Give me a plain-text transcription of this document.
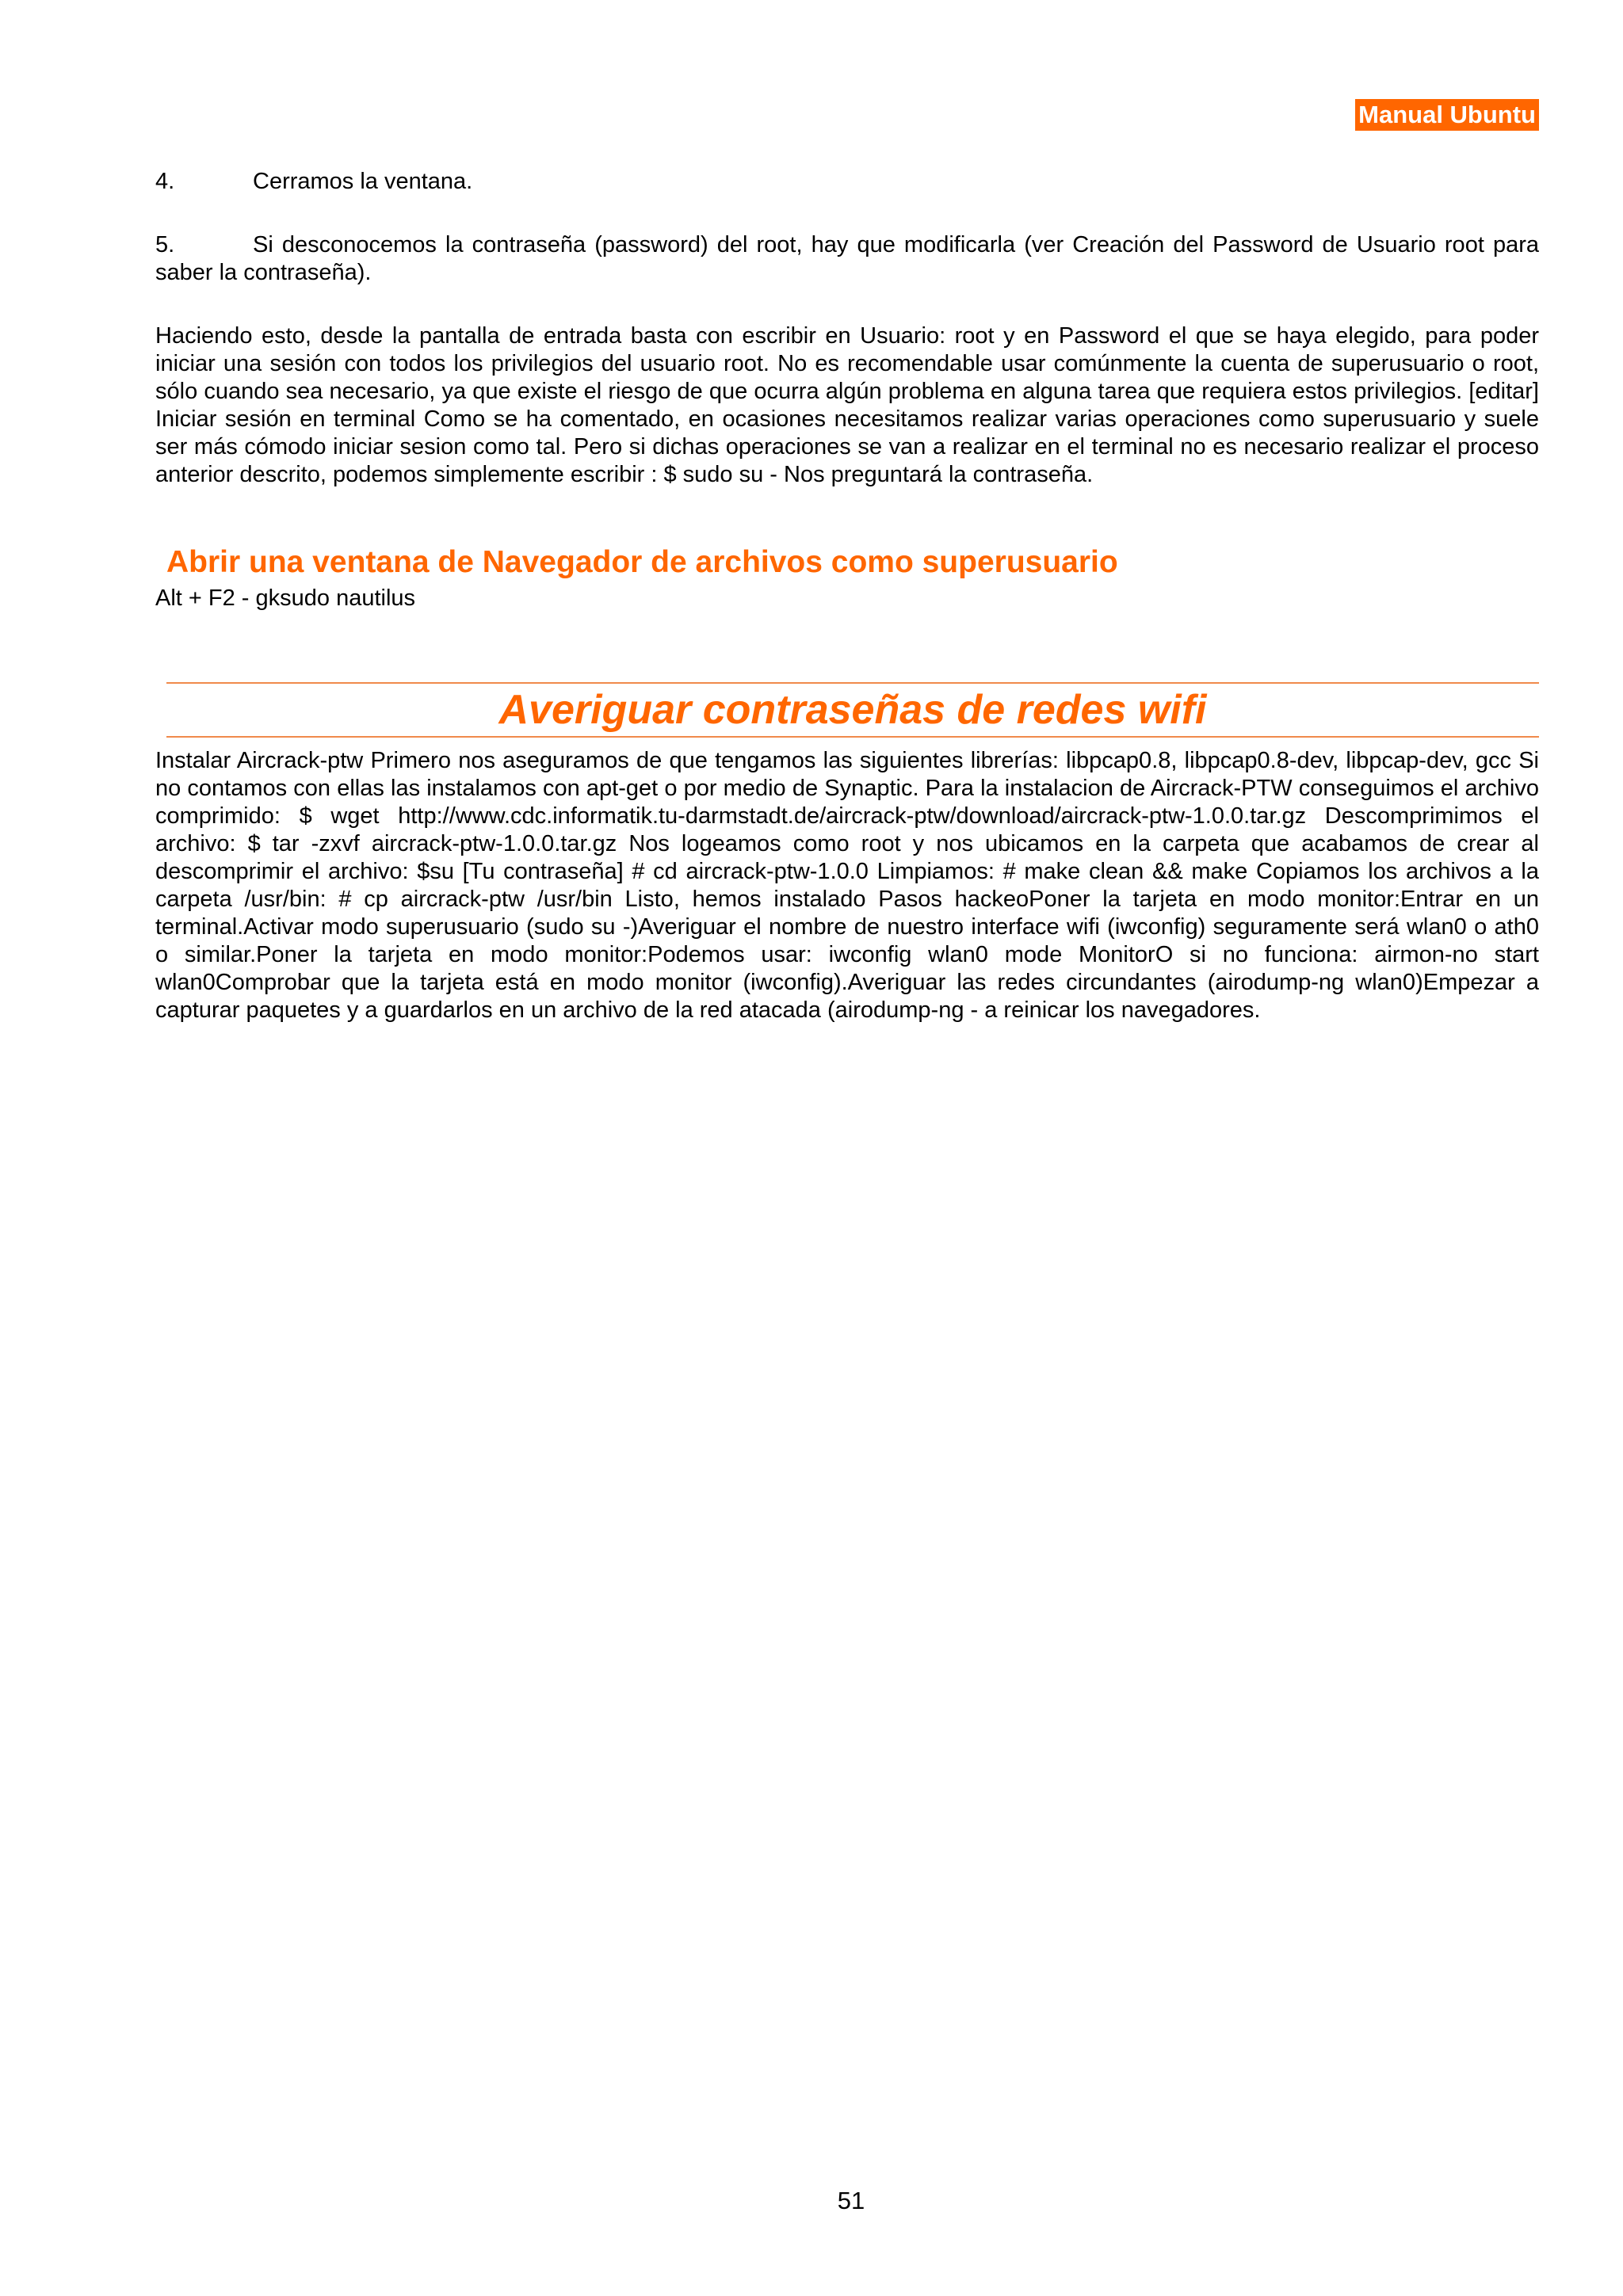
Manual Ubuntu
4.	Cerramos la ventana.

5.	Si desconocemos la contraseña (password) del root, hay que modificarla (ver Creación del Password de Usuario root para saber la contraseña).

Haciendo esto, desde la pantalla de entrada basta con escribir en Usuario: root y en Password el que se haya elegido, para poder iniciar una sesión con todos los privilegios del usuario root. No es recomendable usar comúnmente la cuenta de superusuario o root, sólo cuando sea necesario, ya que existe el riesgo de que ocurra algún problema en alguna tarea que requiera estos privilegios. [editar] Iniciar sesión en terminal Como se ha comentado, en ocasiones necesitamos realizar varias operaciones como superusuario y suele ser más cómodo iniciar sesion como tal. Pero si dichas operaciones se van a realizar en el terminal no es necesario realizar el proceso anterior descrito, podemos simplemente escribir : $ sudo su - Nos preguntará la contraseña.

Abrir una ventana de Navegador de archivos como superusuario

Alt + F2 - gksudo nautilus

Averiguar contraseñas de redes wifi

Instalar Aircrack-ptw Primero nos aseguramos de que tengamos las siguientes librerías: libpcap0.8, libpcap0.8-dev, libpcap-dev, gcc Si no contamos con ellas las instalamos con apt-get o por medio de Synaptic. Para la instalacion de Aircrack-PTW conseguimos el archivo comprimido: $ wget http://www.cdc.informatik.tu-darmstadt.de/aircrack-ptw/download/aircrack-ptw-1.0.0.tar.gz Descomprimimos el archivo: $ tar -zxvf aircrack-ptw-1.0.0.tar.gz Nos logeamos como root y nos ubicamos en la carpeta que acabamos de crear al descomprimir el archivo: $su [Tu contraseña] # cd aircrack-ptw-1.0.0 Limpiamos: # make clean && make Copiamos los archivos a la carpeta /usr/bin: # cp aircrack-ptw /usr/bin Listo, hemos instalado Pasos hackeoPoner la tarjeta en modo monitor:Entrar en un terminal.Activar modo superusuario (sudo su -)Averiguar el nombre de nuestro interface wifi (iwconfig) seguramente será wlan0 o ath0 o similar.Poner la tarjeta en modo monitor:Podemos usar: iwconfig wlan0 mode MonitorO si no funciona: airmon-no start wlan0Comprobar que la tarjeta está en modo monitor (iwconfig).Averiguar las redes circundantes (airodump-ng wlan0)Empezar a capturar paquetes y a guardarlos en un archivo de la red atacada (airodump-ng - a reinicar los navegadores.

51
